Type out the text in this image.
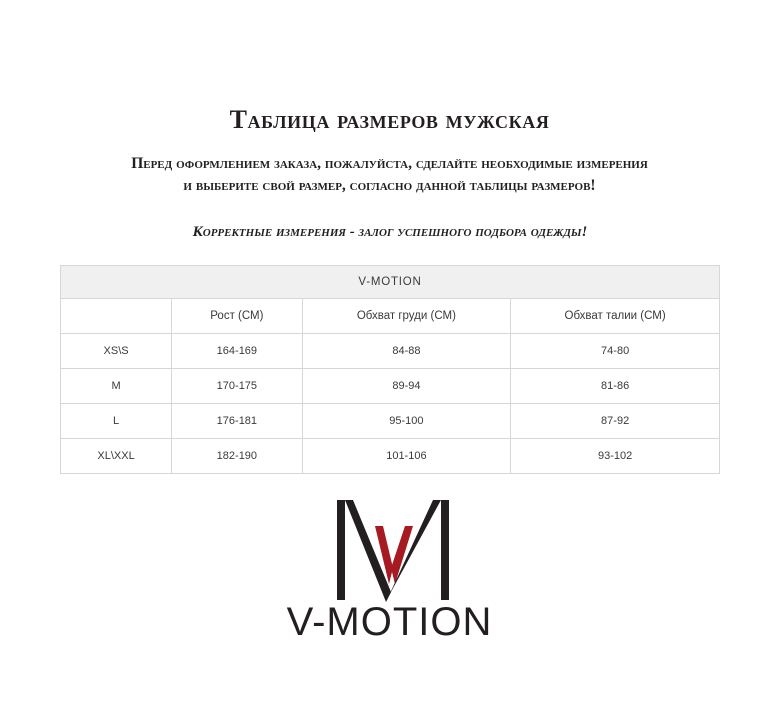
Таблица размеров мужская
Перед оформлением заказа, пожалуйста, сделайте необходимые измерения
и выберите свой размер, согласно данной таблицы размеров!
Корректные измерения - залог успешного подбора одежды!
V-MOTION			
	Рост (СМ)	Обхват груди (СМ)	Обхват талии (СМ)
XS\S	164-169	84-88	74-80
M	170-175	89-94	81-86
L	176-181	95-100	87-92
XL\XXL	182-190	101-106	93-102
V-MOTION
